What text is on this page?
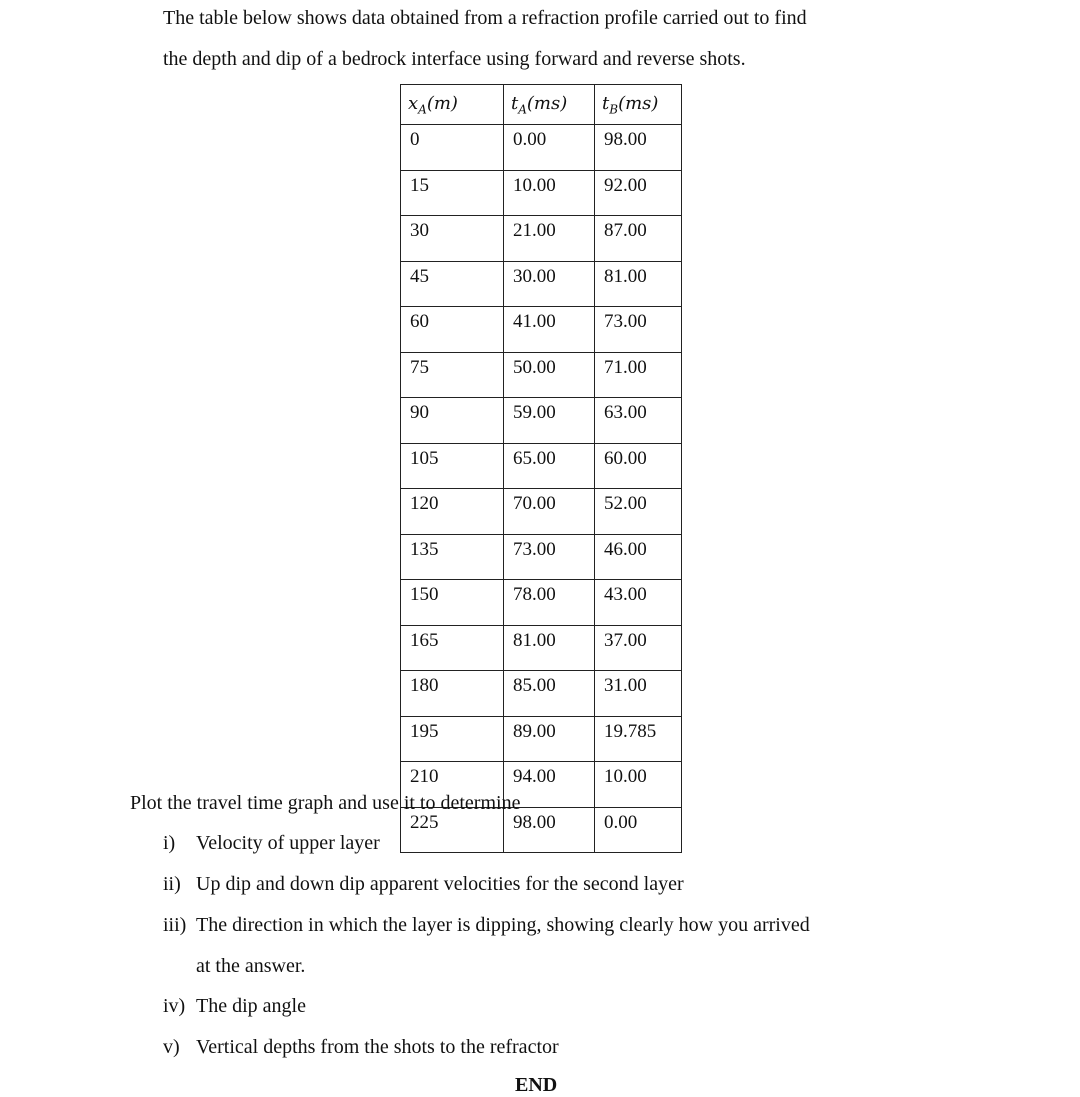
The table below shows data obtained from a refraction profile carried out to find
the depth and dip of a bedrock interface using forward and reverse shots.
$x_A(m)$	$t_A(ms)$	$t_B(ms)$
0	0.00	98.00
15	10.00	92.00
30	21.00	87.00
45	30.00	81.00
60	41.00	73.00
75	50.00	71.00
90	59.00	63.00
105	65.00	60.00
120	70.00	52.00
135	73.00	46.00
150	78.00	43.00
165	81.00	37.00
180	85.00	31.00
195	89.00	19.785
210	94.00	10.00
225	98.00	0.00
Plot the travel time graph and use it to determine
i) Velocity of upper layer
ii) Up dip and down dip apparent velocities for the second layer
iii) The direction in which the layer is dipping, showing clearly how you arrived
at the answer.
iv) The dip angle
v) Vertical depths from the shots to the refractor
END
